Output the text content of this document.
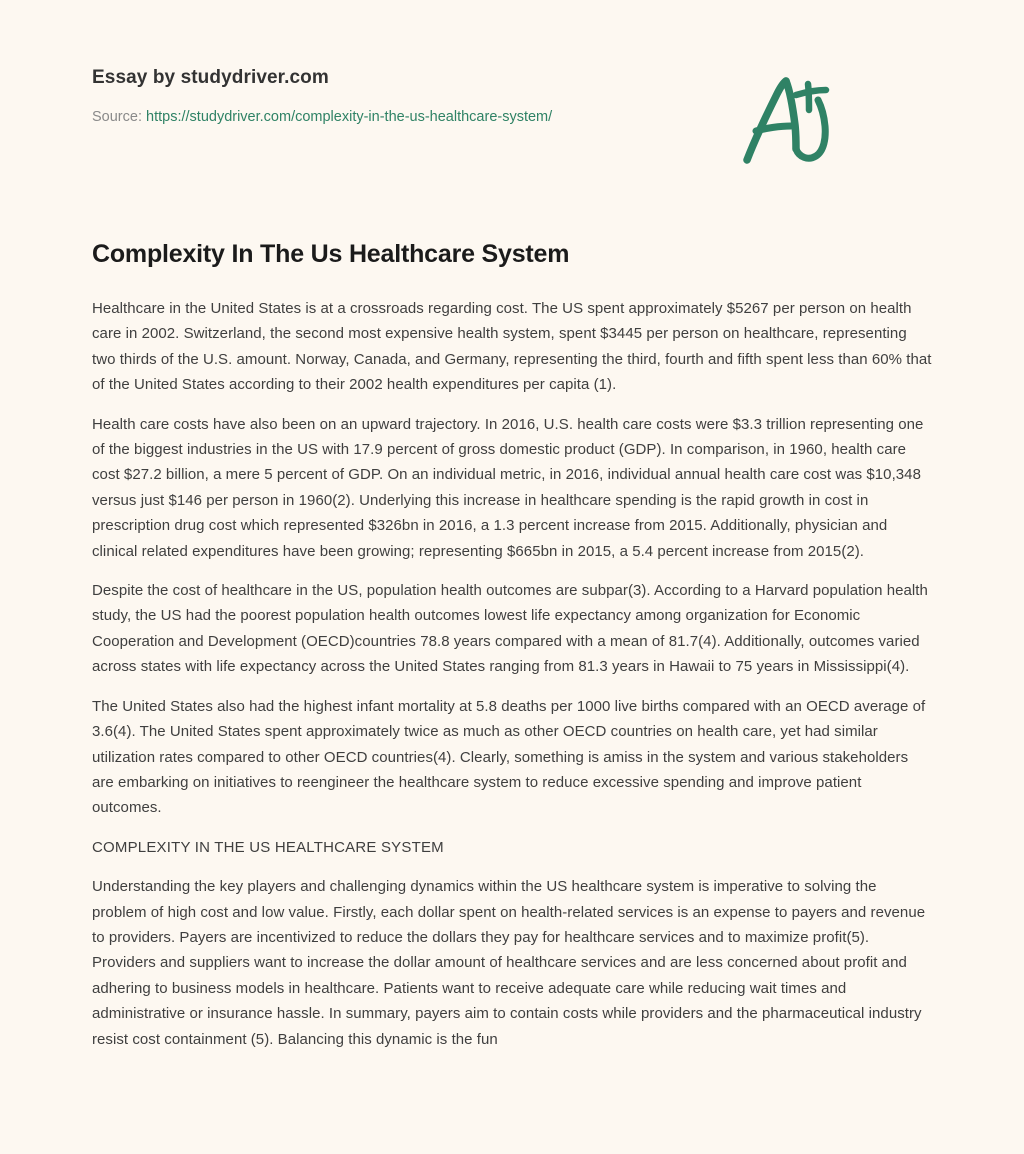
Essay by studydriver.com
Source: https://studydriver.com/complexity-in-the-us-healthcare-system/
Complexity In The Us Healthcare System

Healthcare in the United States is at a crossroads regarding cost. The US spent approximately $5267 per person on health care in 2002. Switzerland, the second most expensive health system, spent $3445 per person on healthcare, representing two thirds of the U.S. amount. Norway, Canada, and Germany, representing the third, fourth and fifth spent less than 60% that of the United States according to their 2002 health expenditures per capita (1).

Health care costs have also been on an upward trajectory. In 2016, U.S. health care costs were $3.3 trillion representing one of the biggest industries in the US with 17.9 percent of gross domestic product (GDP). In comparison, in 1960, health care cost $27.2 billion, a mere 5 percent of GDP. On an individual metric, in 2016, individual annual health care cost was $10,348 versus just $146 per person in 1960(2). Underlying this increase in healthcare spending is the rapid growth in cost in prescription drug cost which represented $326bn in 2016, a 1.3 percent increase from 2015. Additionally, physician and clinical related expenditures have been growing; representing $665bn in 2015, a 5.4 percent increase from 2015(2).

Despite the cost of healthcare in the US, population health outcomes are subpar(3). According to a Harvard population health study, the US had the poorest population health outcomes lowest life expectancy among organization for Economic Cooperation and Development (OECD)countries 78.8 years compared with a mean of 81.7(4). Additionally, outcomes varied across states with life expectancy across the United States ranging from 81.3 years in Hawaii to 75 years in Mississippi(4).

The United States also had the highest infant mortality at 5.8 deaths per 1000 live births compared with an OECD average of 3.6(4). The United States spent approximately twice as much as other OECD countries on health care, yet had similar utilization rates compared to other OECD countries(4). Clearly, something is amiss in the system and various stakeholders are embarking on initiatives to reengineer the healthcare system to reduce excessive spending and improve patient outcomes.

COMPLEXITY IN THE US HEALTHCARE SYSTEM

Understanding the key players and challenging dynamics within the US healthcare system is imperative to solving the problem of high cost and low value. Firstly, each dollar spent on health-related services is an expense to payers and revenue to providers. Payers are incentivized to reduce the dollars they pay for healthcare services and to maximize profit(5). Providers and suppliers want to increase the dollar amount of healthcare services and are less concerned about profit and adhering to business models in healthcare. Patients want to receive adequate care while reducing wait times and administrative or insurance hassle. In summary, payers aim to contain costs while providers and the pharmaceutical industry resist cost containment (5). Balancing this dynamic is the fun
